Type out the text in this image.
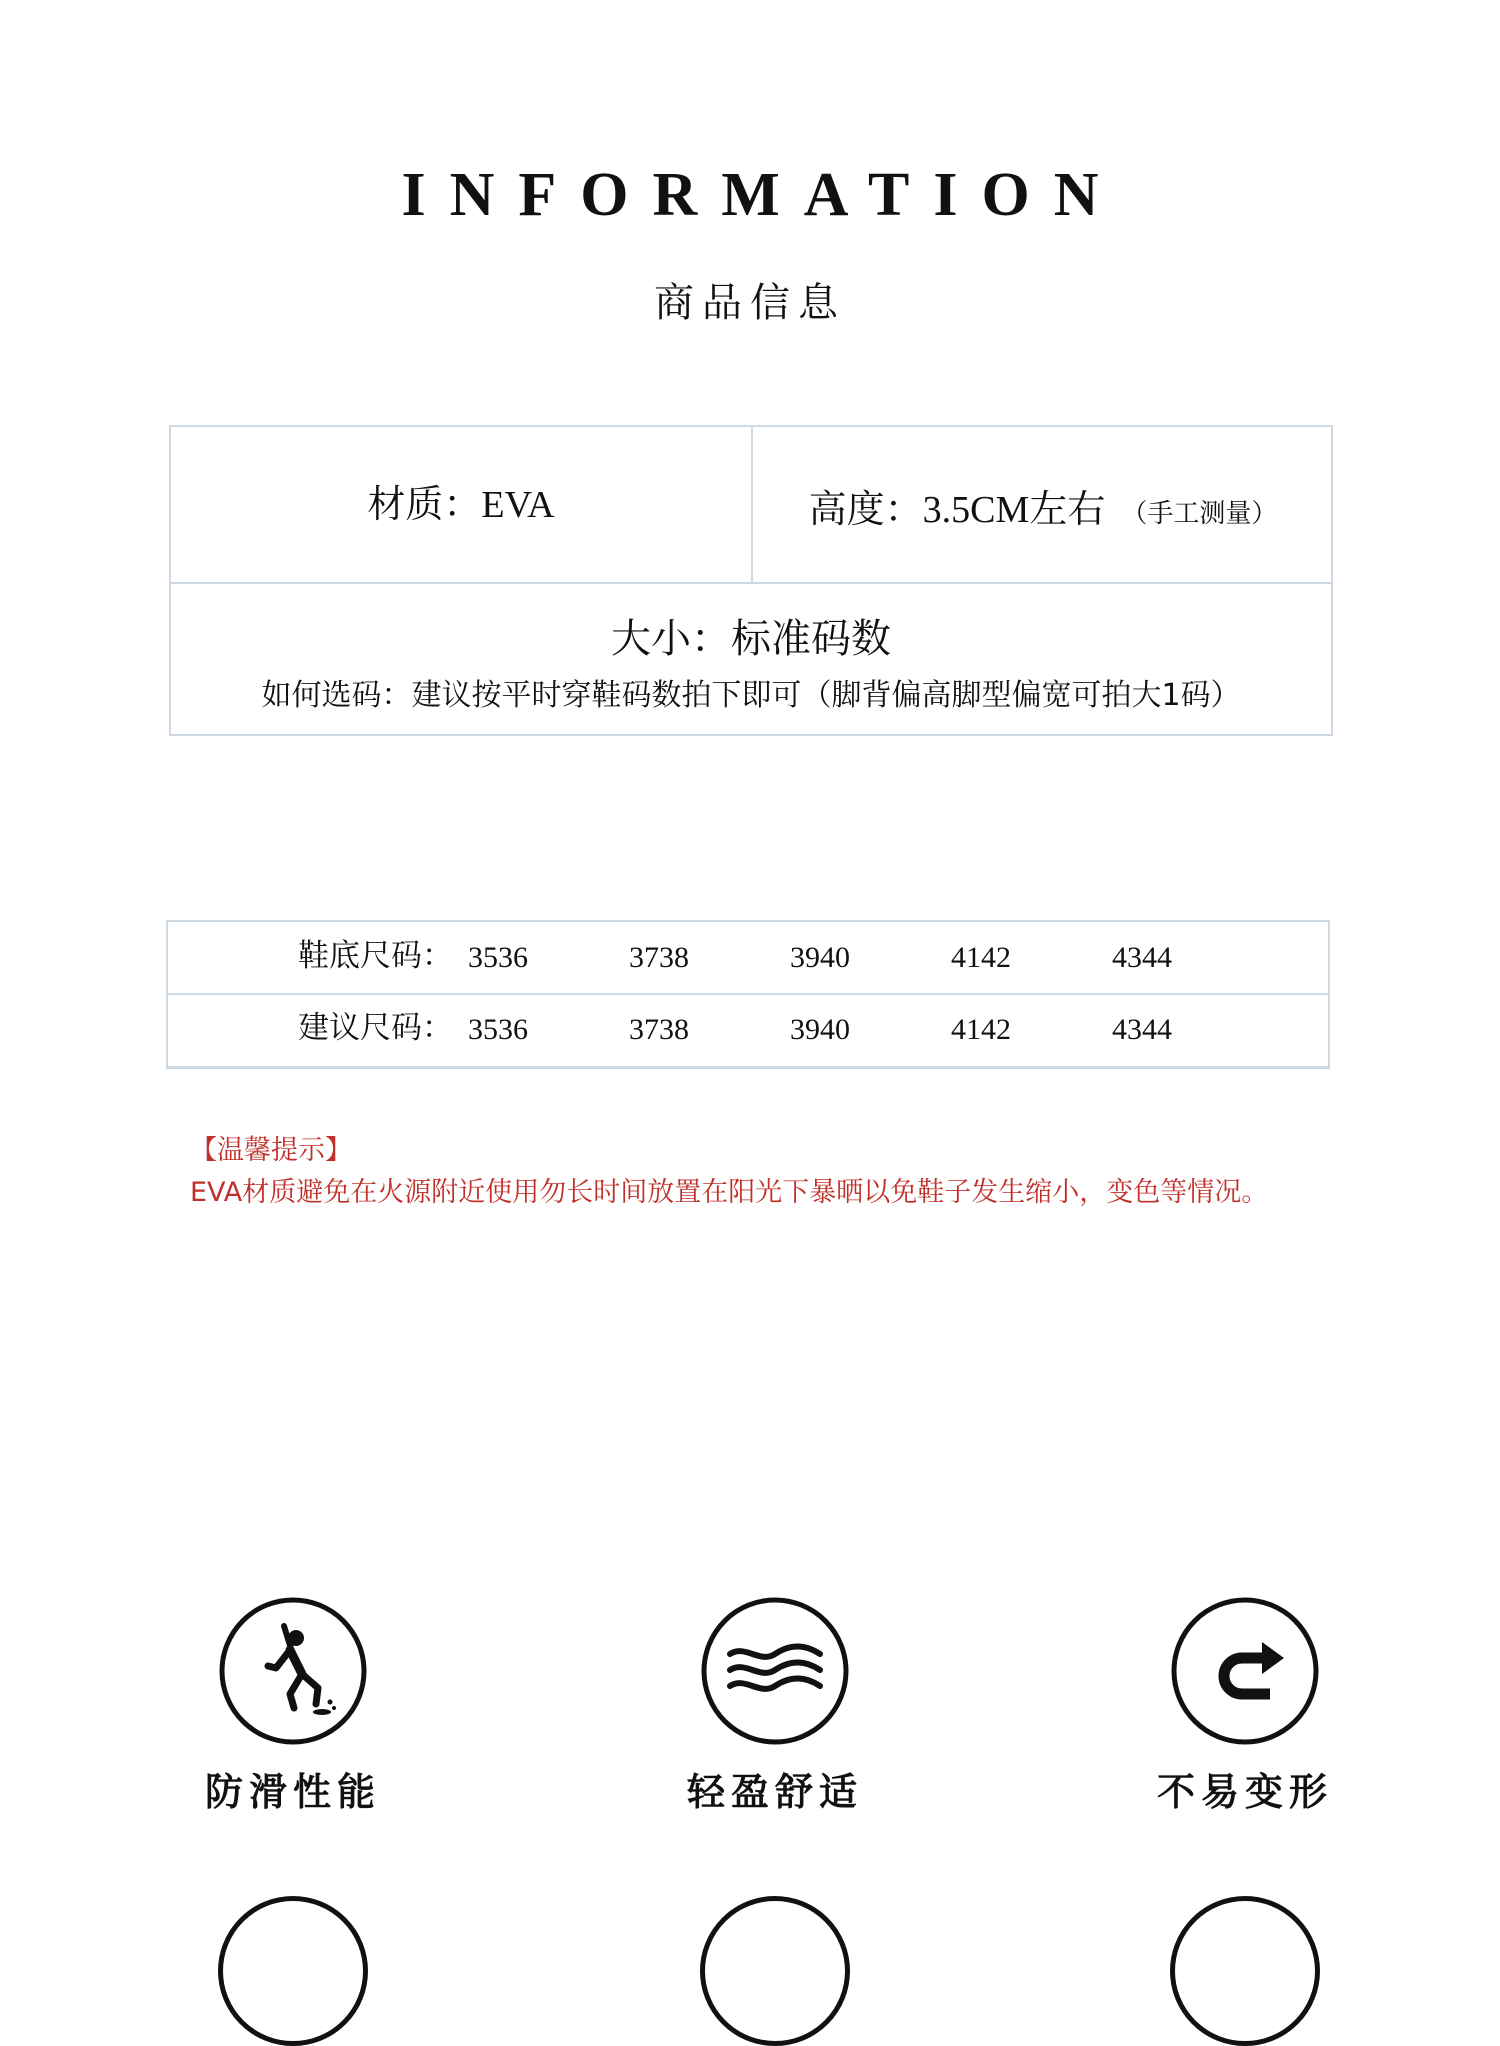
INFORMATION
商品信息
材质：EVA	高度：3.5CM左右 （手工测量）
大小：标准码数
如何选码：建议按平时穿鞋码数拍下即可（脚背偏高脚型偏宽可拍大1码）
鞋底尺码： 3536	3738	3940	4142	4344
建议尺码： 3536	3738	3940	4142	4344
【温馨提示】
EVA材质避免在火源附近使用勿长时间放置在阳光下暴晒以免鞋子发生缩小，变色等情况。
防滑性能	轻盈舒适	不易变形
